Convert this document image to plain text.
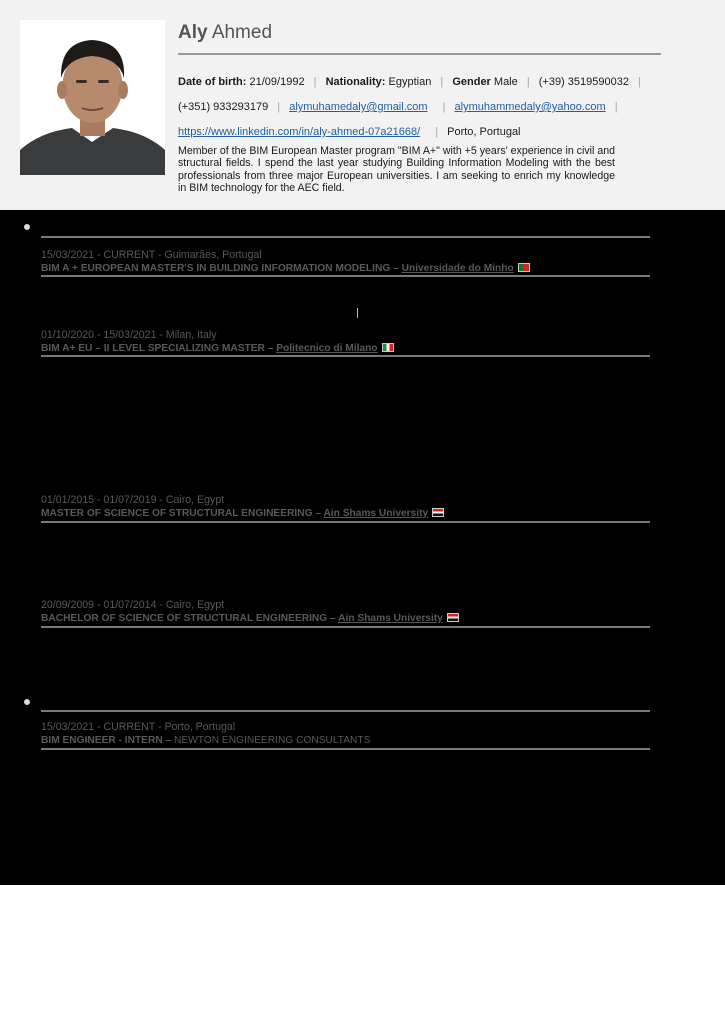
Aly Ahmed
Date of birth: 21/09/1992 | Nationality: Egyptian | Gender Male | (+39) 3519590032 |
(+351) 933293179 | alymuhamedaly@gmail.com | alymuhammedaly@yahoo.com |
https://www.linkedin.com/in/aly-ahmed-07a21668/ | Porto, Portugal
Member of the BIM European Master program "BIM A+" with +5 years' experience in civil and structural fields. I spend the last year studying Building Information Modeling with the best professionals from three major European universities. I am seeking to enrich my knowledge in BIM technology for the AEC field.
15/03/2021 - CURRENT - Guimarães, Portugal
BIM A + EUROPEAN MASTER'S IN BUILDING INFORMATION MODELING – Universidade do Minho
01/10/2020 - 15/03/2021 - Milan, Italy
BIM A+ EU – II LEVEL SPECIALIZING MASTER – Politecnico di Milano
01/01/2015 - 01/07/2019 - Cairo, Egypt
MASTER OF SCIENCE OF STRUCTURAL ENGINEERING – Ain Shams University
20/09/2009 - 01/07/2014 - Cairo, Egypt
BACHELOR OF SCIENCE OF STRUCTURAL ENGINEERING – Ain Shams University
15/03/2021 - CURRENT - Porto, Portugal
BIM ENGINEER - INTERN – NEWTON ENGINEERING CONSULTANTS
